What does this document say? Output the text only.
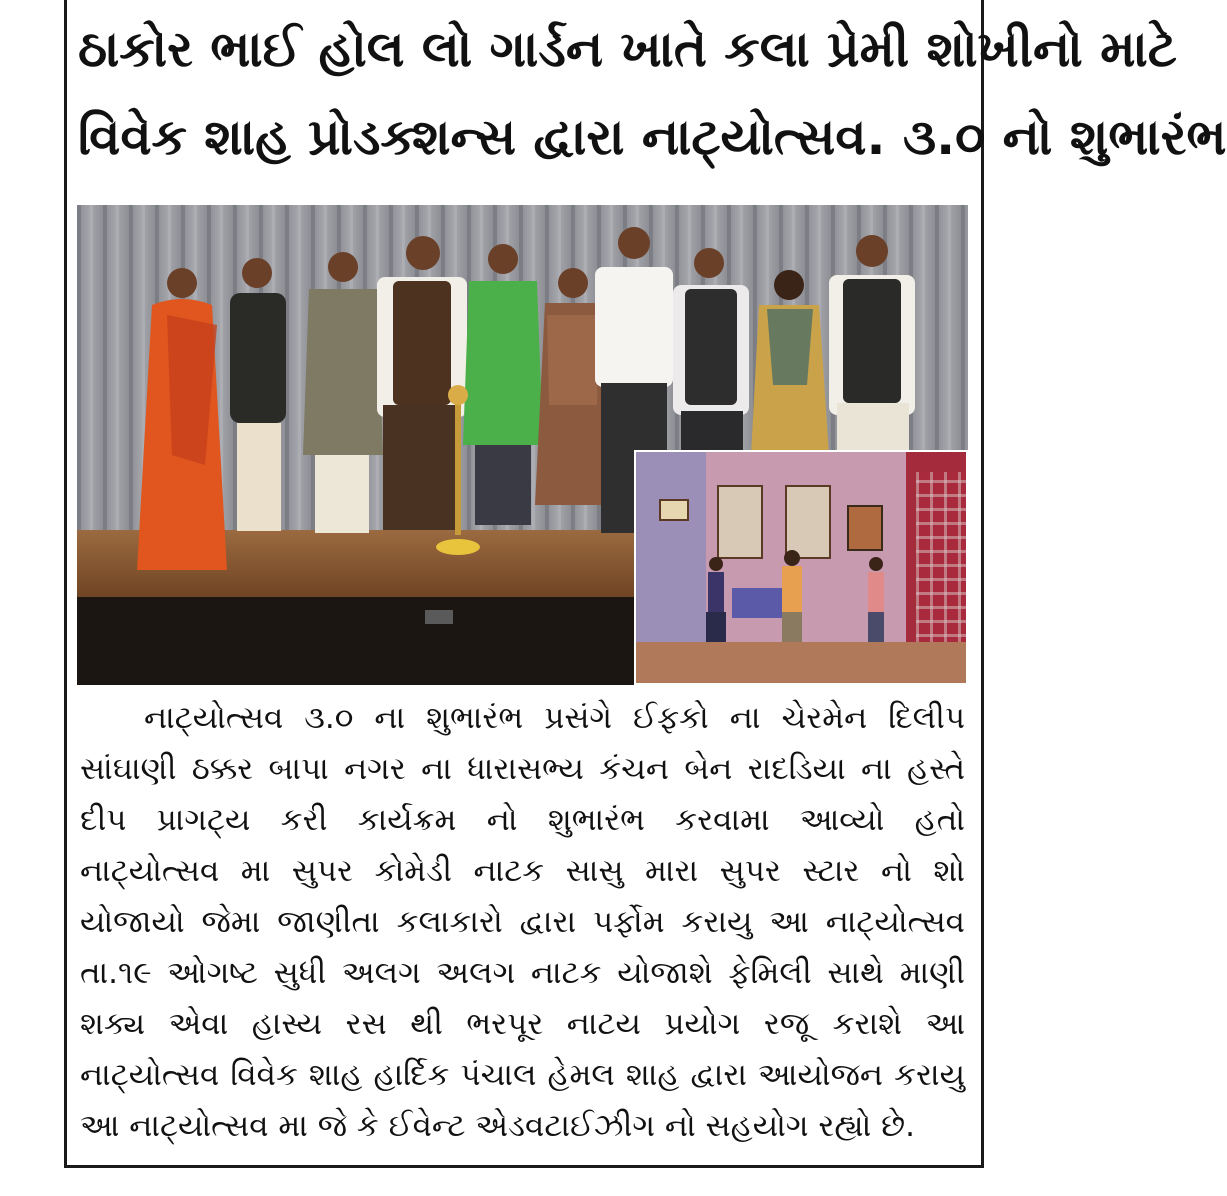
ઠાકોર ભાઈ હોલ લો ગાર્ડન ખાતે કલા પ્રેમી શોખીનો માટે
વિવેક શાહ પ્રોડક્શન્સ દ્વારા નાટ્યોત્સવ. ૩.૦ નો શુભારંભ
નાટ્યોત્સવ ૩.૦ ના શુભારંભ પ્રસંગે ઈફકો ના ચેરમેન દિલીપ
સાંઘાણી ઠક્કર બાપા નગર ના ધારાસભ્ય કંચન બેન રાદડિયા ના હસ્તે
દીપ પ્રાગટ્ય કરી કાર્યક્રમ નો શુભારંભ કરવામા આવ્યો હતો
નાટ્યોત્સવ મા સુપર કોમેડી નાટક સાસુ મારા સુપર સ્ટાર નો શો
યોજાયો જેમા જાણીતા કલાકારો દ્વારા પર્ફોમ કરાયુ આ નાટ્યોત્સવ
તા.૧૯ ઓગષ્ટ સુધી અલગ અલગ નાટક યોજાશે ફેમિલી સાથે માણી
શક્ય એવા હાસ્ય રસ થી ભરપૂર નાટય પ્રયોગ રજૂ કરાશે આ
નાટ્યોત્સવ વિવેક શાહ હાર્દિક પંચાલ હેમલ શાહ દ્વારા આયોજન કરાયુ
આ નાટ્યોત્સવ મા જે કે ઈવેન્ટ એડવટાઈઝીગ નો સહયોગ રહ્યો છે.
